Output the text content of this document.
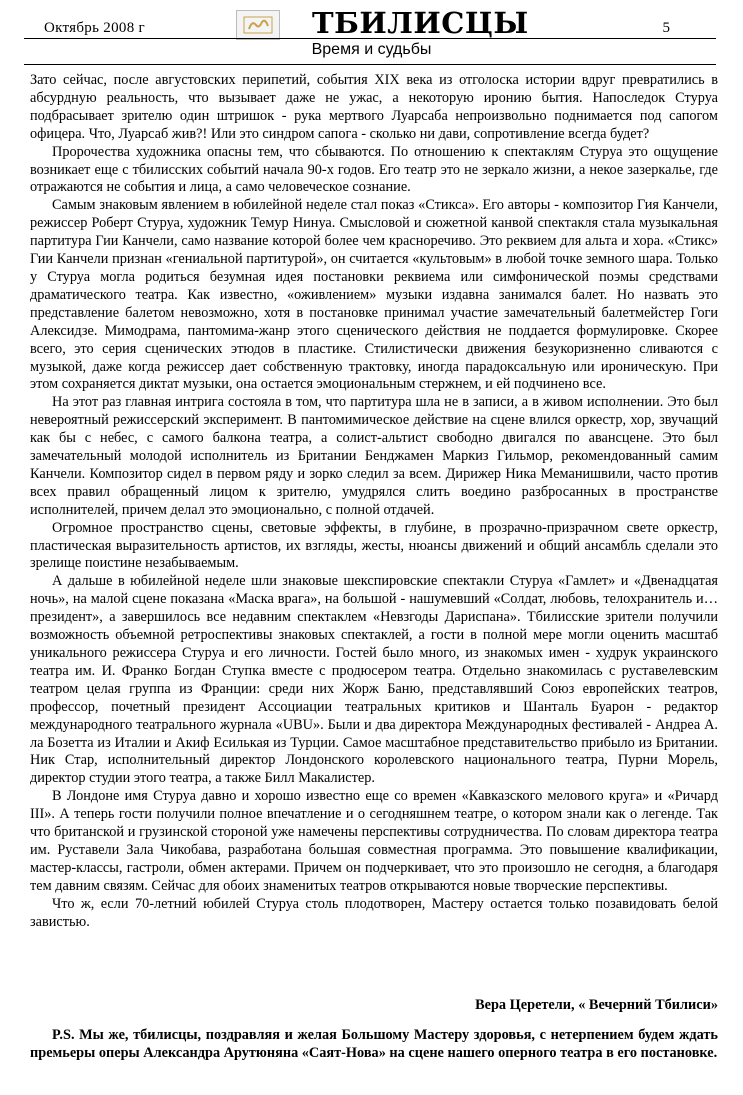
Октябрь 2008 г	ТБИЛИСЦЫ	5
Время и судьбы

Зато сейчас, после августовских перипетий, события XIX века из отголоска истории вдруг превратились в абсурдную реальность, что вызывает даже не ужас, а некоторую иронию бытия. Напоследок Стуруа подбрасывает зрителю один штришок - рука мертвого Луарсаба непроизвольно поднимается под сапогом офицера. Что, Луарсаб жив?! Или это синдром сапога - сколько ни дави, сопротивление всегда будет?

Пророчества художника опасны тем, что сбываются. По отношению к спектаклям Стуруа это ощущение возникает еще с тбилисских событий начала 90-х годов. Его театр это не зеркало жизни, а некое зазеркалье, где отражаются не события и лица, а само человеческое сознание.

Самым знаковым явлением в юбилейной неделе стал показ «Стикса». Его авторы - композитор Гия Канчели, режиссер Роберт Стуруа, художник Темур Нинуа. Смысловой и сюжетной канвой спектакля стала музыкальная партитура Гии Канчели, само название которой более чем красноречиво. Это реквием для альта и хора. «Стикс» Гии Канчели признан «гениальной партитурой», он считается «культовым» в любой точке земного шара. Только у Стуруа могла родиться безумная идея постановки реквиема или симфонической поэмы средствами драматического театра. Как известно, «оживлением» музыки издавна занимался балет. Но назвать это представление балетом невозможно, хотя в постановке принимал участие замечательный балетмейстер Гоги Алексидзе. Мимодрама, пантомима-жанр этого сценического действия не поддается формулировке. Скорее всего, это серия сценических этюдов в пластике. Стилистически движения безукоризненно сливаются с музыкой, даже когда режиссер дает собственную трактовку, иногда парадоксальную или ироническую. При этом сохраняется диктат музыки, она остается эмоциональным стержнем, и ей подчинено все.

На этот раз главная интрига состояла в том, что партитура шла не в записи, а в живом исполнении. Это был невероятный режиссерский эксперимент. В пантомимическое действие на сцене влился оркестр, хор, звучащий как бы с небес, с самого балкона театра, а солист-альтист свободно двигался по авансцене. Это был замечательный молодой исполнитель из Британии Бенджамен Маркиз Гильмор, рекомендованный самим Канчели. Композитор сидел в первом ряду и зорко следил за всем. Дирижер Ника Меманишвили, часто против всех правил обращенный лицом к зрителю, умудрялся слить воедино разбросанных в пространстве исполнителей, причем делал это эмоционально, с полной отдачей.

Огромное пространство сцены, световые эффекты, в глубине, в прозрачно-призрачном свете оркестр, пластическая выразительность артистов, их взгляды, жесты, нюансы движений и общий ансамбль сделали это зрелище поистине незабываемым.

А дальше в юбилейной неделе шли знаковые шекспировские спектакли Стуруа «Гамлет» и «Двенадцатая ночь», на малой сцене показана «Маска врага», на большой - нашумевший «Солдат, любовь, телохранитель и… президент», а завершилось все недавним спектаклем «Невзгоды Дариспана». Тбилисские зрители получили возможность объемной ретроспективы знаковых спектаклей, а гости в полной мере могли оценить масштаб уникального режиссера Стуруа и его личности. Гостей было много, из знакомых имен - худрук украинского театра им. И. Франко Богдан Ступка вместе с продюсером театра. Отдельно знакомилась с руставелевским театром целая группа из Франции: среди них Жорж Баню, представлявший Союз европейских театров, профессор, почетный президент Ассоциации театральных критиков и Шанталь Буарон - редактор международного театрального журнала «UBU». Были и два директора Международных фестивалей - Андреа А. ла Бозетта из Италии и Акиф Есилькая из Турции. Самое масштабное представительство прибыло из Британии. Ник Стар, исполнительный директор Лондонского королевского национального театра, Пурни Морель, директор студии этого театра, а также Билл Макалистер.

В Лондоне имя Стуруа давно и хорошо известно еще со времен «Кавказского мелового круга» и «Ричард III». А теперь гости получили полное впечатление и о сегодняшнем театре, о котором знали как о легенде. Так что британской и грузинской стороной уже намечены перспективы сотрудничества. По словам директора театра им. Руставели Зала Чикобава, разработана большая совместная программа. Это повышение квалификации, мастер-классы, гастроли, обмен актерами. Причем он подчеркивает, что это произошло не сегодня, а благодаря тем давним связям. Сейчас для обоих знаменитых театров открываются новые творческие перспективы.

Что ж, если 70-летний юбилей Стуруа столь плодотворен, Мастеру остается только позавидовать белой завистью.

Вера Церетели, « Вечерний Тбилиси»
P.S. Мы же, тбилисцы, поздравляя и желая Большому Мастеру здоровья, с нетерпением будем ждать премьеры оперы Александра Арутюняна «Саят-Нова» на сцене нашего оперного театра в его постановке.
